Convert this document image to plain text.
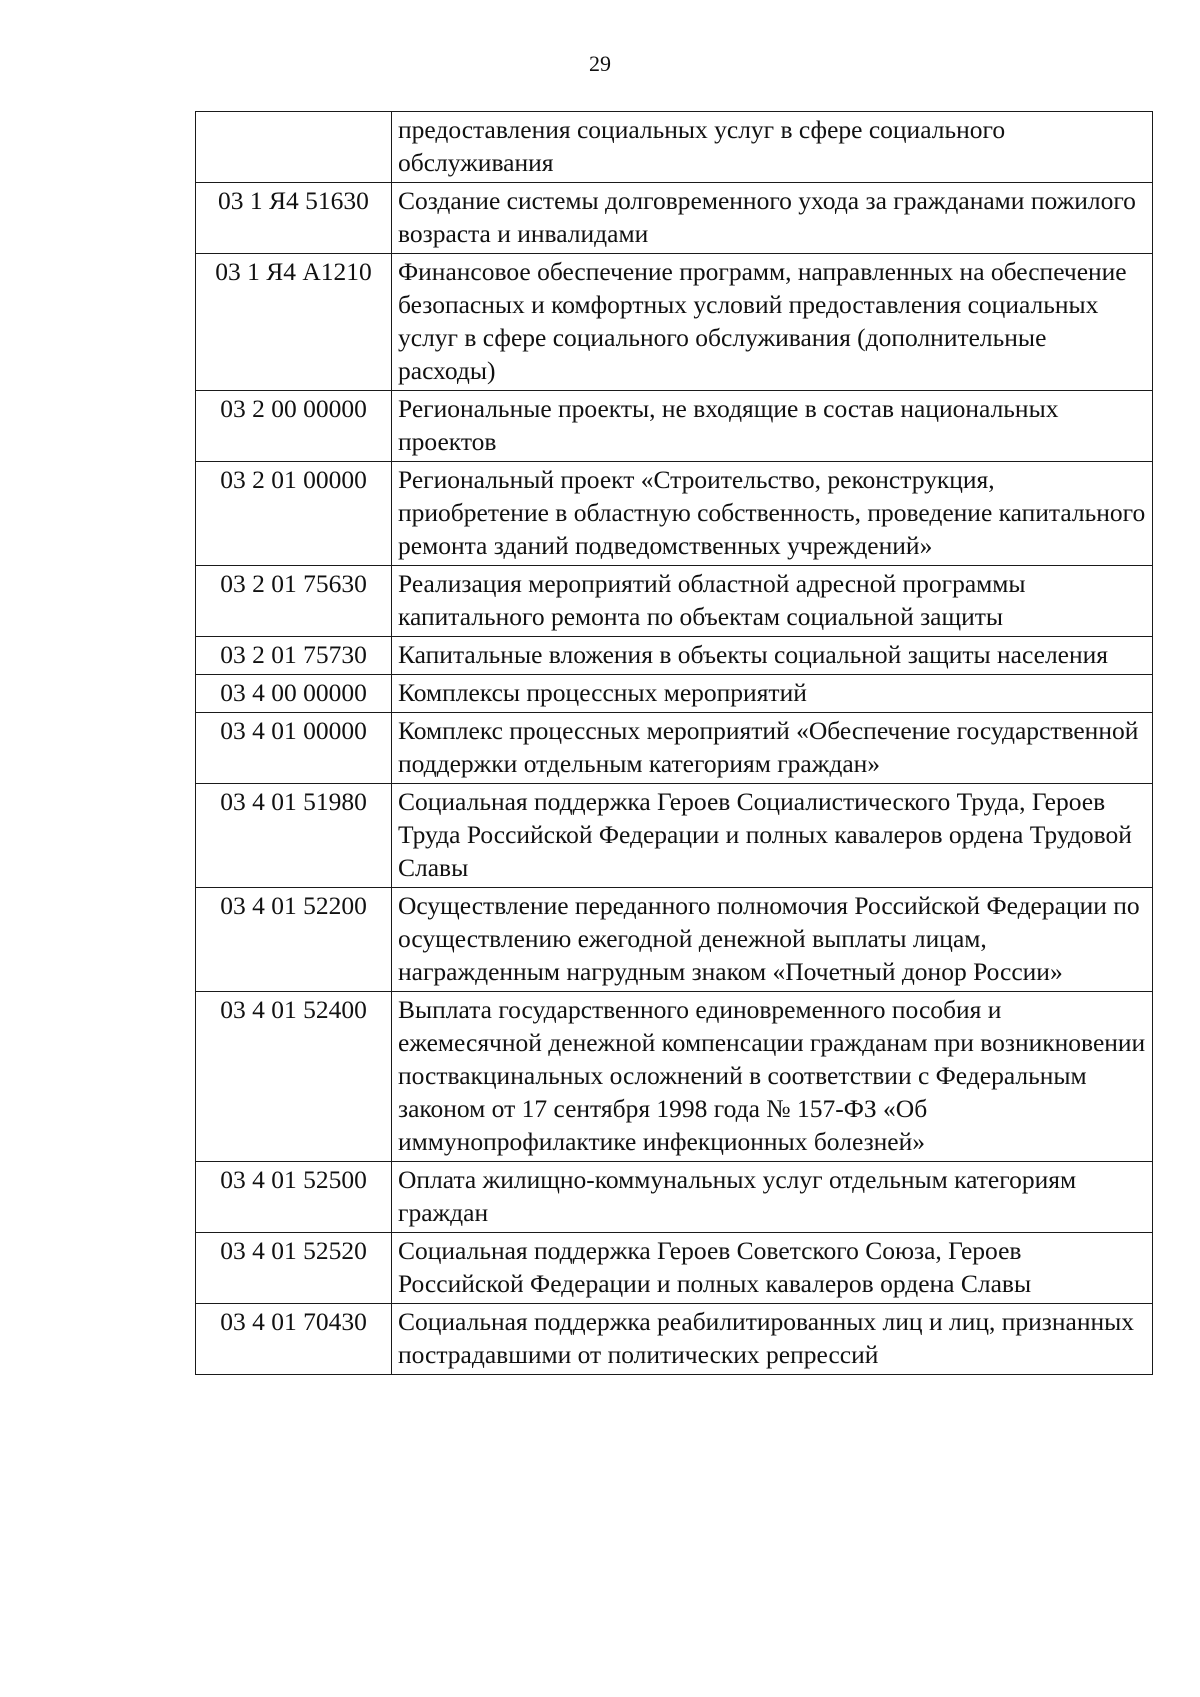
29
	предоставления социальных услуг в сфере социального обслуживания
03 1 Я4 51630	Создание системы долговременного ухода за гражданами пожилого возраста и инвалидами
03 1 Я4 А1210	Финансовое обеспечение программ, направленных на обеспечение безопасных и комфортных условий предоставления социальных услуг в сфере социального обслуживания (дополнительные расходы)
03 2 00 00000	Региональные проекты, не входящие в состав национальных проектов
03 2 01 00000	Региональный проект «Строительство, реконструкция, приобретение в областную собственность, проведение капитального ремонта зданий подведомственных учреждений»
03 2 01 75630	Реализация мероприятий областной адресной программы капитального ремонта по объектам социальной защиты
03 2 01 75730	Капитальные вложения в объекты социальной защиты населения
03 4 00 00000	Комплексы процессных мероприятий
03 4 01 00000	Комплекс процессных мероприятий «Обеспечение государственной поддержки отдельным категориям граждан»
03 4 01 51980	Социальная поддержка Героев Социалистического Труда, Героев Труда Российской Федерации и полных кавалеров ордена Трудовой Славы
03 4 01 52200	Осуществление переданного полномочия Российской Федерации по осуществлению ежегодной денежной выплаты лицам, награжденным нагрудным знаком «Почетный донор России»
03 4 01 52400	Выплата государственного единовременного пособия и ежемесячной денежной компенсации гражданам при возникновении поствакцинальных осложнений в соответствии с Федеральным законом от 17 сентября 1998 года № 157-ФЗ «Об иммунопрофилактике инфекционных болезней»
03 4 01 52500	Оплата жилищно-коммунальных услуг отдельным категориям граждан
03 4 01 52520	Социальная поддержка Героев Советского Союза, Героев Российской Федерации и полных кавалеров ордена Славы
03 4 01 70430	Социальная поддержка реабилитированных лиц и лиц, признанных пострадавшими от политических репрессий
